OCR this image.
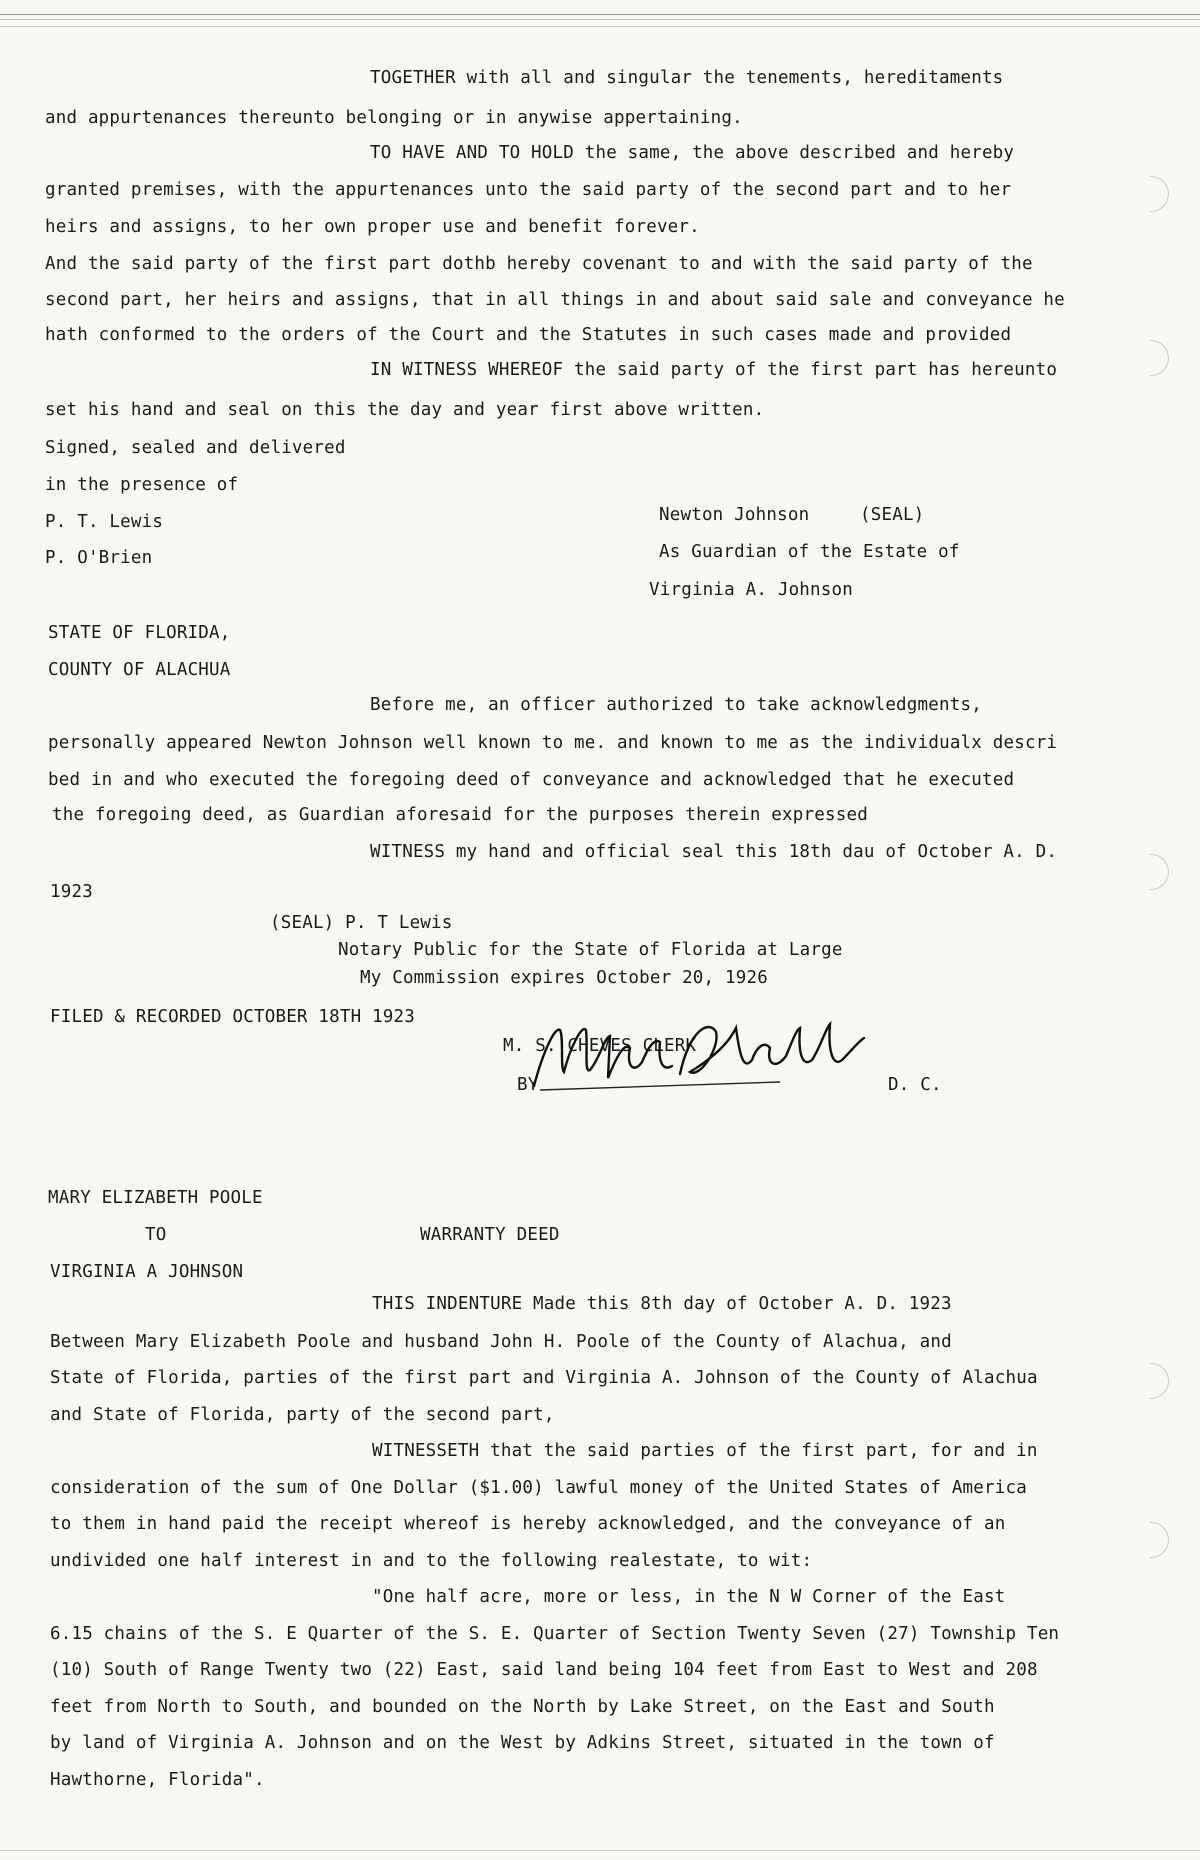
TOGETHER with all and singular the tenements, hereditaments
and appurtenances thereunto belonging or in anywise appertaining.
TO HAVE AND TO HOLD the same, the above described and hereby
granted premises, with the appurtenances unto the said party of the second part and to her
heirs and assigns, to her own proper use and benefit forever.
And the said party of the first part dothb hereby covenant to and with the said party of the
second part, her heirs and assigns, that in all things in and about said sale and conveyance he
hath conformed to the orders of the Court and the Statutes in such cases made and provided
IN WITNESS WHEREOF the said party of the first part has hereunto
set his hand and seal on this the day and year first above written.
Signed, sealed and delivered
in the presence of
P. T. Lewis
P. O'Brien
Newton Johnson	(SEAL)
As Guardian of the Estate of
Virginia A. Johnson
STATE OF FLORIDA,
COUNTY OF ALACHUA
Before me, an officer authorized to take acknowledgments,
personally appeared Newton Johnson well known to me. and known to me as the individualx descri
bed in and who executed the foregoing deed of conveyance and acknowledged that he executed
the foregoing deed, as Guardian aforesaid for the purposes therein expressed
WITNESS my hand and official seal this 18th dau of October A. D.
1923
(SEAL) P. T Lewis
Notary Public for the State of Florida at Large
My Commission expires October 20, 1926
FILED & RECORDED OCTOBER 18TH 1923
M. S. CHEVES CLERK
BY	D. C.
MARY ELIZABETH POOLE
TO	WARRANTY DEED
VIRGINIA A JOHNSON
THIS INDENTURE Made this 8th day of October A. D. 1923
Between Mary Elizabeth Poole and husband John H. Poole of the County of Alachua, and
State of Florida, parties of the first part and Virginia A. Johnson of the County of Alachua
and State of Florida, party of the second part,
WITNESSETH that the said parties of the first part, for and in
consideration of the sum of One Dollar ($1.00) lawful money of the United States of America
to them in hand paid the receipt whereof is hereby acknowledged, and the conveyance of an
undivided one half interest in and to the following realestate, to wit:
"One half acre, more or less, in the N W Corner of the East
6.15 chains of the S. E Quarter of the S. E. Quarter of Section Twenty Seven (27) Township Ten
(10) South of Range Twenty two (22) East, said land being 104 feet from East to West and 208
feet from North to South, and bounded on the North by Lake Street, on the East and South
by land of Virginia A. Johnson and on the West by Adkins Street, situated in the town of
Hawthorne, Florida".
